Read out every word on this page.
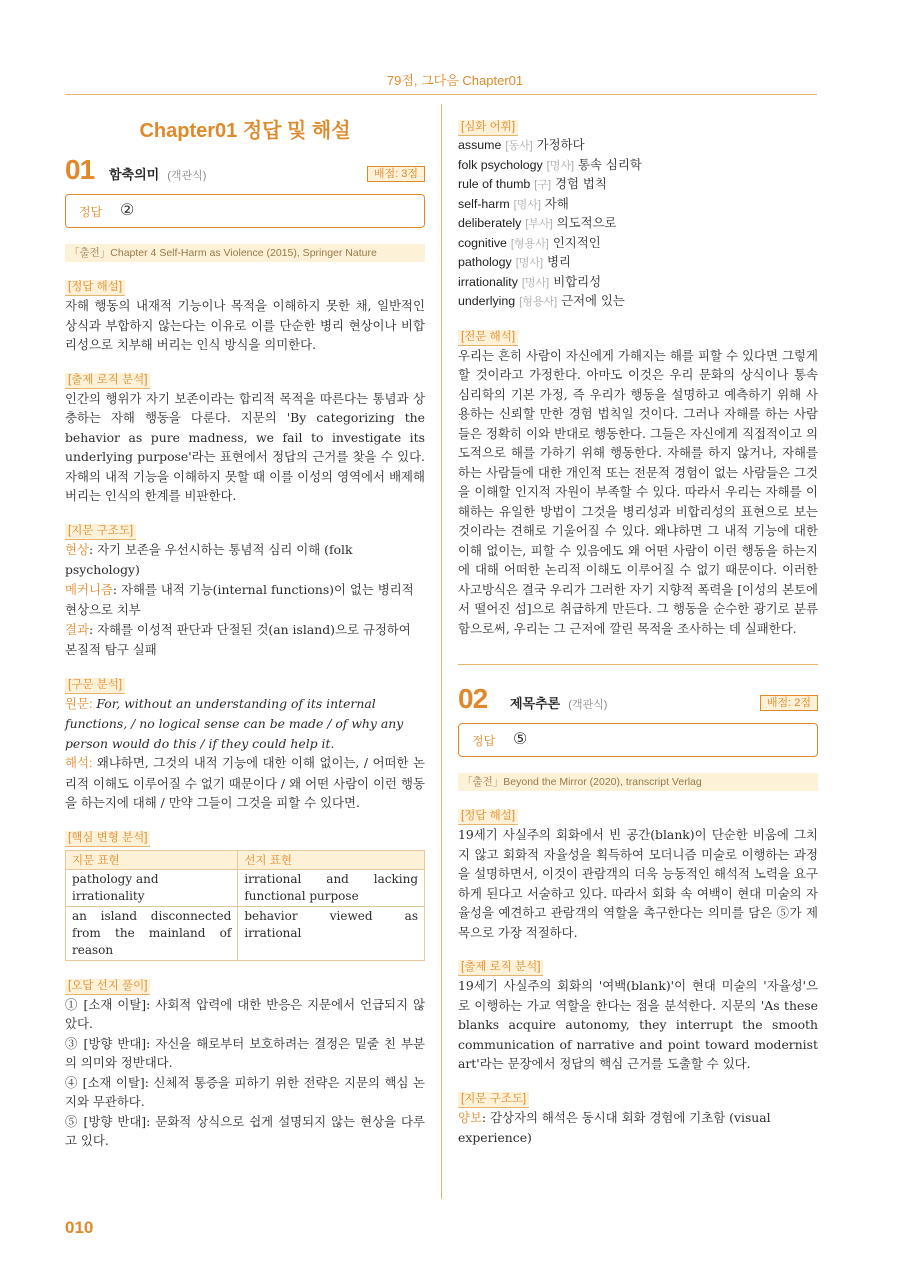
79점, 그다음 Chapter01
Chapter01 정답 및 해설
01 함축의미 (객관식)	배점: 3점
정답 ②
「출전」Chapter 4 Self-Harm as Violence (2015), Springer Nature
[정답 해설]

자해 행동의 내재적 기능이나 목적을 이해하지 못한 채, 일반적인 상식과 부합하지 않는다는 이유로 이를 단순한 병리 현상이나 비합리성으로 치부해 버리는 인식 방식을 의미한다.

[출제 로직 분석]

인간의 행위가 자기 보존이라는 합리적 목적을 따른다는 통념과 상충하는 자해 행동을 다룬다. 지문의 'By categorizing the behavior as pure madness, we fail to investigate its underlying purpose'라는 표현에서 정답의 근거를 찾을 수 있다. 자해의 내적 기능을 이해하지 못할 때 이를 이성의 영역에서 배제해버리는 인식의 한계를 비판한다.

[지문 구조도]

현상: 자기 보존을 우선시하는 통념적 심리 이해 (folk psychology)

메커니즘: 자해를 내적 기능(internal functions)이 없는 병리적 현상으로 치부

결과: 자해를 이성적 판단과 단절된 것(an island)으로 규정하여 본질적 탐구 실패

[구문 분석]

원문: For, without an understanding of its internal functions, / no logical sense can be made / of why any person would do this / if they could help it.

해석: 왜냐하면, 그것의 내적 기능에 대한 이해 없이는, / 어떠한 논리적 이해도 이루어질 수 없기 때문이다 / 왜 어떤 사람이 이런 행동을 하는지에 대해 / 만약 그들이 그것을 피할 수 있다면.

[핵심 변형 분석]
지문 표현	선지 표현
pathology and irrationality	irrational and lacking functional purpose
an island disconnected from the mainland of reason	behavior viewed as irrational
[오답 선지 풀이]

① [소재 이탈]: 사회적 압력에 대한 반응은 지문에서 언급되지 않았다.

③ [방향 반대]: 자신을 해로부터 보호하려는 결정은 밑줄 친 부분의 의미와 정반대다.

④ [소재 이탈]: 신체적 통증을 피하기 위한 전략은 지문의 핵심 논지와 무관하다.

⑤ [방향 반대]: 문화적 상식으로 쉽게 설명되지 않는 현상을 다루고 있다.

[심화 어휘]

assume [동사] 가정하다

folk psychology [명사] 통속 심리학

rule of thumb [구] 경험 법칙

self-harm [명사] 자해

deliberately [부사] 의도적으로

cognitive [형용사] 인지적인

pathology [명사] 병리

irrationality [명사] 비합리성

underlying [형용사] 근저에 있는

[전문 해석]

우리는 흔히 사람이 자신에게 가해지는 해를 피할 수 있다면 그렇게 할 것이라고 가정한다. 아마도 이것은 우리 문화의 상식이나 통속 심리학의 기본 가정, 즉 우리가 행동을 설명하고 예측하기 위해 사용하는 신뢰할 만한 경험 법칙일 것이다. 그러나 자해를 하는 사람들은 정확히 이와 반대로 행동한다. 그들은 자신에게 직접적이고 의도적으로 해를 가하기 위해 행동한다. 자해를 하지 않거나, 자해를 하는 사람들에 대한 개인적 또는 전문적 경험이 없는 사람들은 그것을 이해할 인지적 자원이 부족할 수 있다. 따라서 우리는 자해를 이해하는 유일한 방법이 그것을 병리성과 비합리성의 표현으로 보는 것이라는 견해로 기울어질 수 있다. 왜냐하면 그 내적 기능에 대한 이해 없이는, 피할 수 있음에도 왜 어떤 사람이 이런 행동을 하는지에 대해 어떠한 논리적 이해도 이루어질 수 없기 때문이다. 이러한 사고방식은 결국 우리가 그러한 자기 지향적 폭력을 [이성의 본토에서 떨어진 섬]으로 취급하게 만든다. 그 행동을 순수한 광기로 분류함으로써, 우리는 그 근저에 깔린 목적을 조사하는 데 실패한다.

02 제목추론 (객관식)	배점: 2점
정답 ⑤
「출전」Beyond the Mirror (2020), transcript Verlag
[정답 해설]

19세기 사실주의 회화에서 빈 공간(blank)이 단순한 비움에 그치지 않고 회화적 자율성을 획득하여 모더니즘 미술로 이행하는 과정을 설명하면서, 이것이 관람객의 더욱 능동적인 해석적 노력을 요구하게 된다고 서술하고 있다. 따라서 회화 속 여백이 현대 미술의 자율성을 예견하고 관람객의 역할을 촉구한다는 의미를 담은 ⑤가 제목으로 가장 적절하다.

[출제 로직 분석]

19세기 사실주의 회화의 '여백(blank)'이 현대 미술의 '자율성'으로 이행하는 가교 역할을 한다는 점을 분석한다. 지문의 'As these blanks acquire autonomy, they interrupt the smooth communication of narrative and point toward modernist art'라는 문장에서 정답의 핵심 근거를 도출할 수 있다.

[지문 구조도]

양보: 감상자의 해석은 동시대 회화 경험에 기초함 (visual experience)

010
